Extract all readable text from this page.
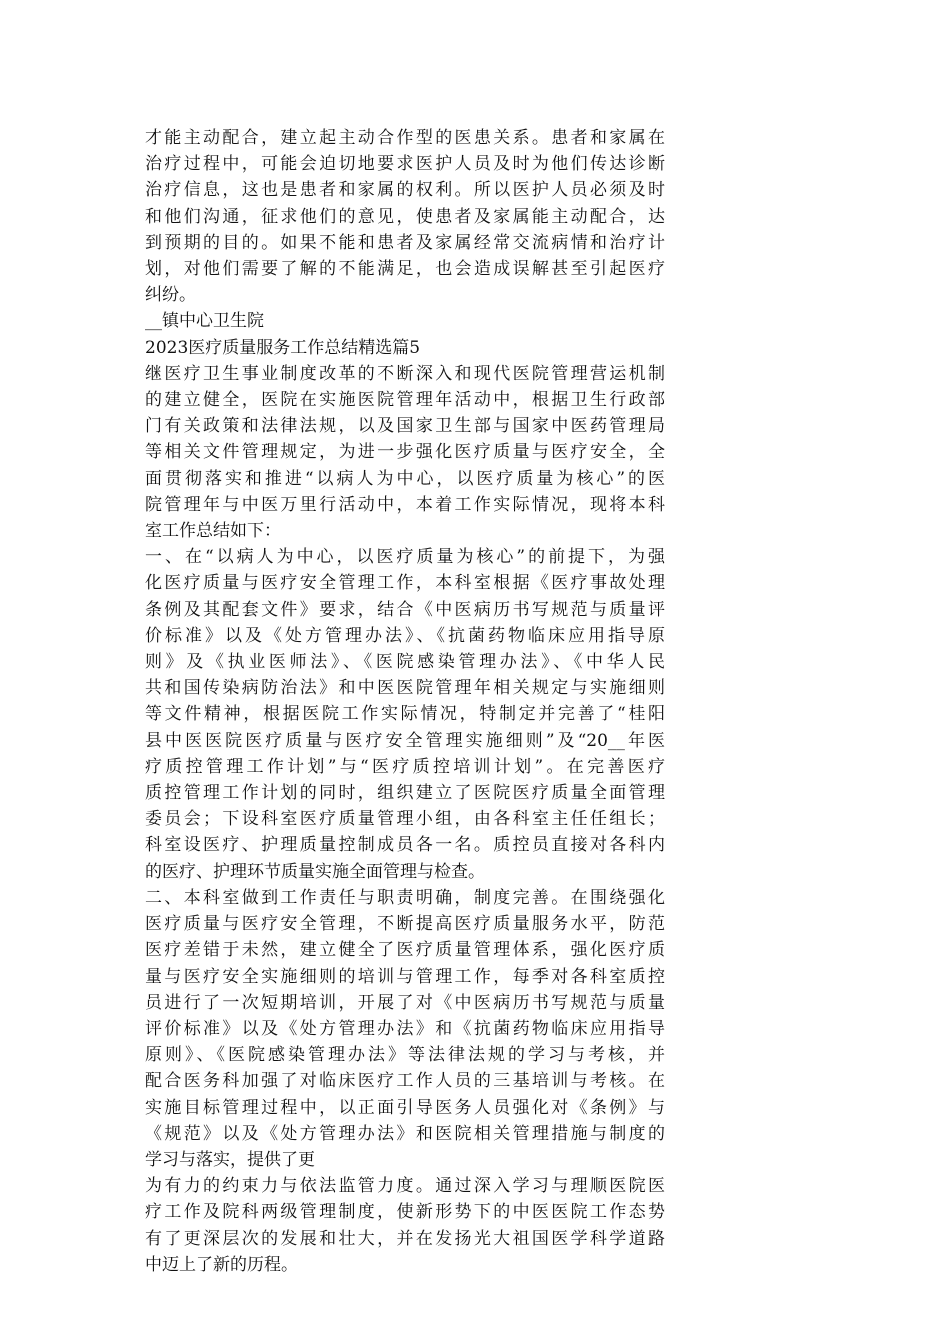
才能主动配合，建立起主动合作型的医患关系。患者和家属在
治疗过程中，可能会迫切地要求医护人员及时为他们传达诊断
治疗信息，这也是患者和家属的权利。所以医护人员必须及时
和他们沟通，征求他们的意见，使患者及家属能主动配合，达
到预期的目的。如果不能和患者及家属经常交流病情和治疗计
划，对他们需要了解的不能满足，也会造成误解甚至引起医疗
纠纷。
__镇中心卫生院
2023医疗质量服务工作总结精选篇5
继医疗卫生事业制度改革的不断深入和现代医院管理营运机制
的建立健全，医院在实施医院管理年活动中，根据卫生行政部
门有关政策和法律法规，以及国家卫生部与国家中医药管理局
等相关文件管理规定，为进一步强化医疗质量与医疗安全，全
面贯彻落实和推进“以病人为中心，以医疗质量为核心”的医
院管理年与中医万里行活动中，本着工作实际情况，现将本科
室工作总结如下：
一、在“以病人为中心，以医疗质量为核心”的前提下，为强
化医疗质量与医疗安全管理工作，本科室根据《医疗事故处理
条例及其配套文件》要求，结合《中医病历书写规范与质量评
价标准》以及《处方管理办法》、《抗菌药物临床应用指导原
则》及《执业医师法》、《医院感染管理办法》、《中华人民
共和国传染病防治法》和中医医院管理年相关规定与实施细则
等文件精神，根据医院工作实际情况，特制定并完善了“桂阳
县中医医院医疗质量与医疗安全管理实施细则”及“20__年医
疗质控管理工作计划”与“医疗质控培训计划”。在完善医疗
质控管理工作计划的同时，组织建立了医院医疗质量全面管理
委员会；下设科室医疗质量管理小组，由各科室主任任组长；
科室设医疗、护理质量控制成员各一名。质控员直接对各科内
的医疗、护理环节质量实施全面管理与检查。
二、本科室做到工作责任与职责明确，制度完善。在围绕强化
医疗质量与医疗安全管理，不断提高医疗质量服务水平，防范
医疗差错于未然，建立健全了医疗质量管理体系，强化医疗质
量与医疗安全实施细则的培训与管理工作，每季对各科室质控
员进行了一次短期培训，开展了对《中医病历书写规范与质量
评价标准》以及《处方管理办法》和《抗菌药物临床应用指导
原则》、《医院感染管理办法》等法律法规的学习与考核，并
配合医务科加强了对临床医疗工作人员的三基培训与考核。在
实施目标管理过程中，以正面引导医务人员强化对《条例》与
《规范》以及《处方管理办法》和医院相关管理措施与制度的
学习与落实，提供了更
为有力的约束力与依法监管力度。通过深入学习与理顺医院医
疗工作及院科两级管理制度，使新形势下的中医医院工作态势
有了更深层次的发展和壮大，并在发扬光大祖国医学科学道路
中迈上了新的历程。
